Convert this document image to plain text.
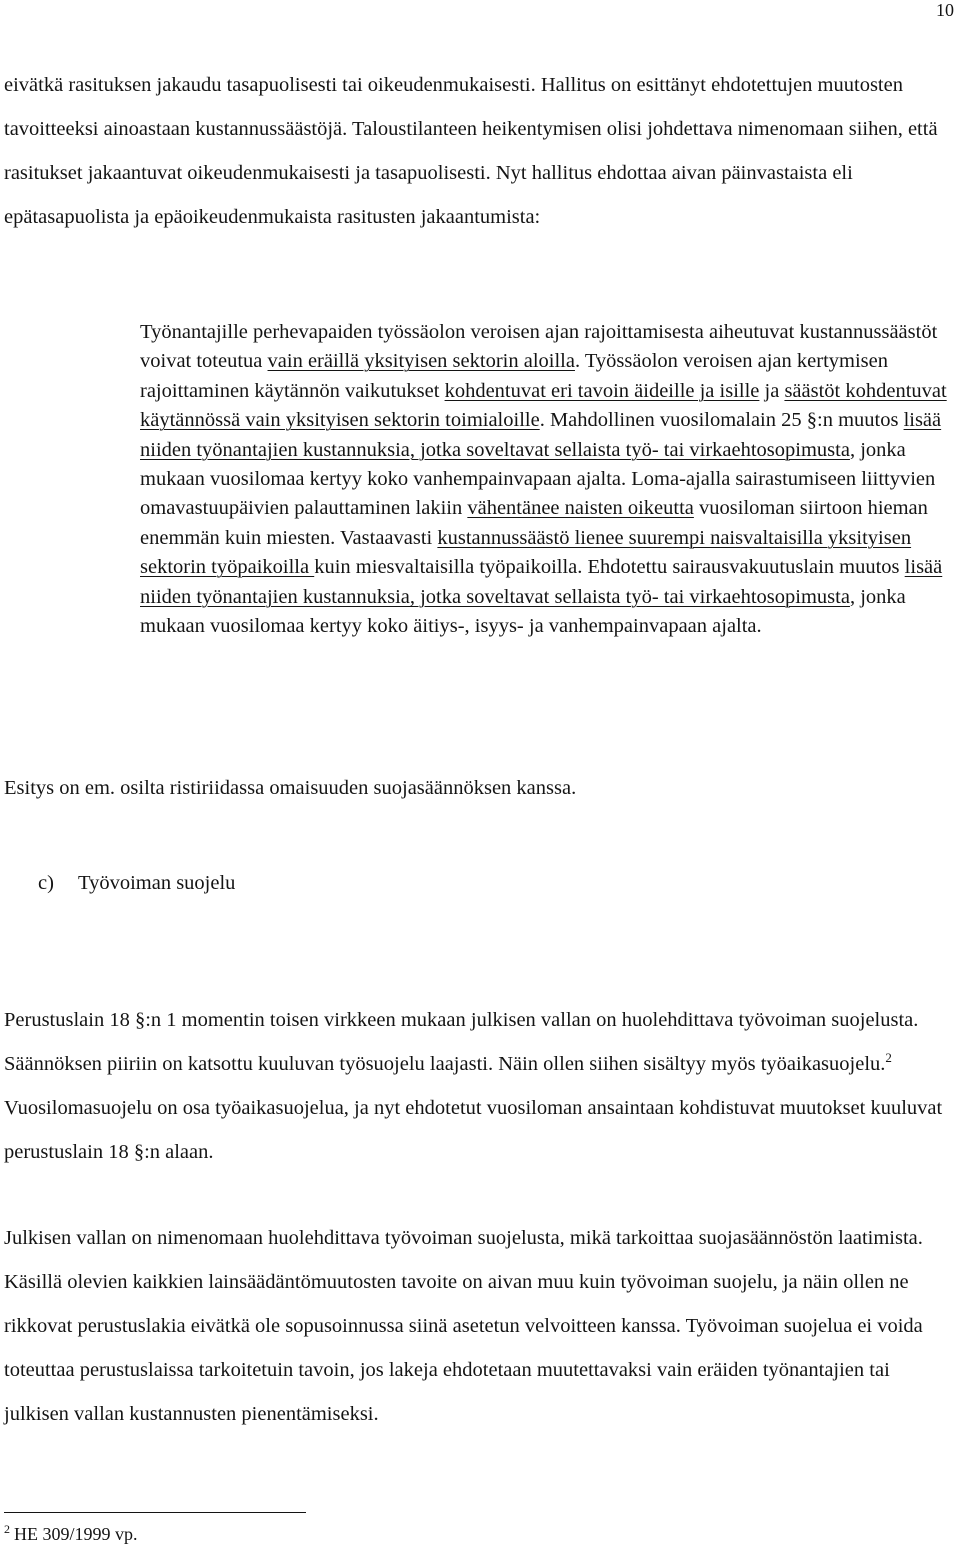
10

eivätkä rasituksen jakaudu tasapuolisesti tai oikeudenmukaisesti. Hallitus on esittänyt ehdotettujen muutosten tavoitteeksi ainoastaan kustannussäästöjä. Taloustilanteen heikentymisen olisi johdettava nimenomaan siihen, että rasitukset jakaantuvat oikeudenmukaisesti ja tasapuolisesti. Nyt hallitus ehdottaa aivan päinvastaista eli epätasapuolista ja epäoikeudenmukaista rasitusten jakaantumista:

Työnantajille perhevapaiden työssäolon veroisen ajan rajoittamisesta aiheutuvat kustannussäästöt voivat toteutua vain eräillä yksityisen sektorin aloilla. Työssäolon veroisen ajan kertymisen rajoittaminen käytännön vaikutukset kohdentuvat eri tavoin äideille ja isille ja säästöt kohdentuvat käytännössä vain yksityisen sektorin toimialoille. Mahdollinen vuosilomalain 25 §:n muutos lisää niiden työnantajien kustannuksia, jotka soveltavat sellaista työ- tai virkaehtosopimusta, jonka mukaan vuosilomaa kertyy koko vanhempainvapaan ajalta. Loma-ajalla sairastumiseen liittyvien omavastuupäivien palauttaminen lakiin vähentänee naisten oikeutta vuosiloman siirtoon hieman enemmän kuin miesten. Vastaavasti kustannussäästö lienee suurempi naisvaltaisilla yksityisen sektorin työpaikoilla kuin miesvaltaisilla työpaikoilla. Ehdotettu sairausvakuutuslain muutos lisää niiden työnantajien kustannuksia, jotka soveltavat sellaista työ- tai virkaehtosopimusta, jonka mukaan vuosilomaa kertyy koko äitiys-, isyys- ja vanhempainvapaan ajalta.

Esitys on em. osilta ristiriidassa omaisuuden suojasäännöksen kanssa.

c) Työvoiman suojelu

Perustuslain 18 §:n 1 momentin toisen virkkeen mukaan julkisen vallan on huolehdittava työvoiman suojelusta. Säännöksen piiriin on katsottu kuuluvan työsuojelu laajasti. Näin ollen siihen sisältyy myös työaikasuojelu.$^2$ Vuosilomasuojelu on osa työaikasuojelua, ja nyt ehdotetut vuosiloman ansaintaan kohdistuvat muutokset kuuluvat perustuslain 18 §:n alaan.

Julkisen vallan on nimenomaan huolehdittava työvoiman suojelusta, mikä tarkoittaa suojasäännöstön laatimista. Käsillä olevien kaikkien lainsäädäntömuutosten tavoite on aivan muu kuin työvoiman suojelu, ja näin ollen ne rikkovat perustuslakia eivätkä ole sopusoinnussa siinä asetetun velvoitteen kanssa. Työvoiman suojelua ei voida toteuttaa perustuslaissa tarkoitetuin tavoin, jos lakeja ehdotetaan muutettavaksi vain eräiden työnantajien tai julkisen vallan kustannusten pienentämiseksi.

$^2$ HE 309/1999 vp.
